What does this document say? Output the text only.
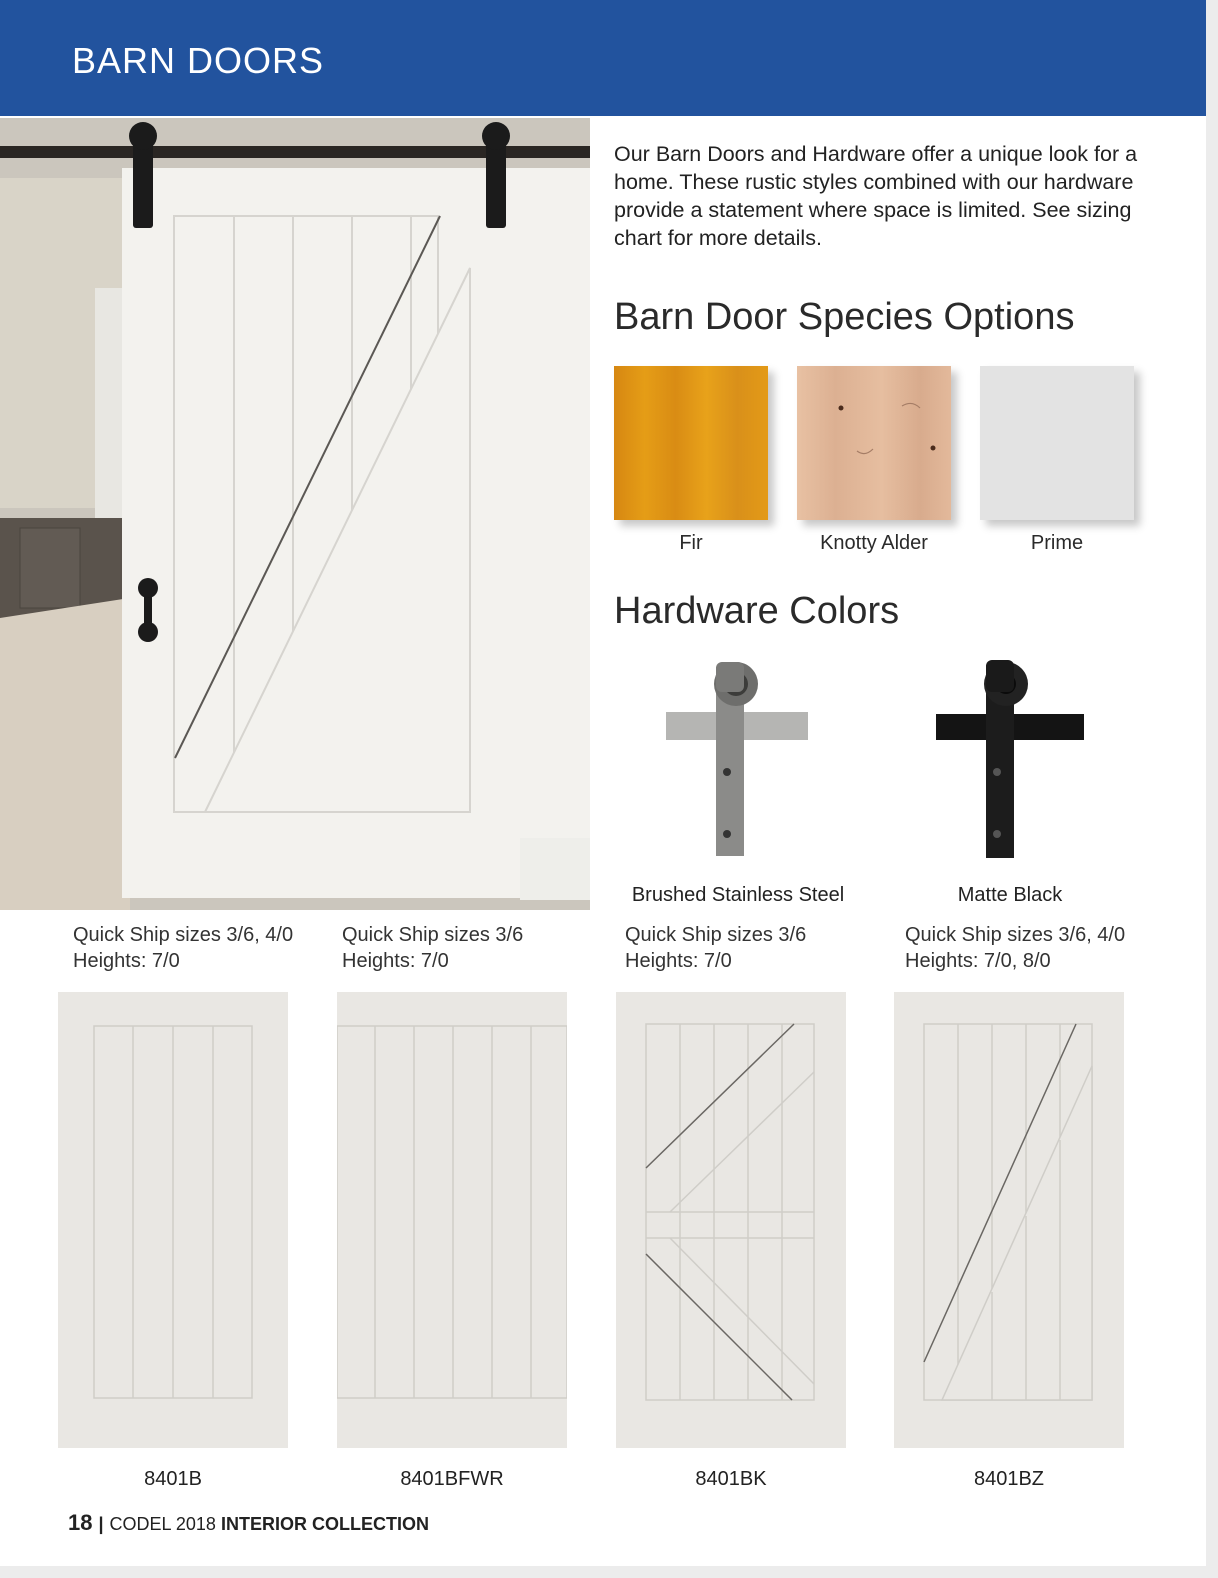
BARN DOORS
Our Barn Doors and Hardware offer a unique look for a home. These rustic styles combined with our hardware provide a statement where space is limited. See sizing chart for more details.
Barn Door Species Options
Fir	Knotty Alder	Prime
Hardware Colors
Brushed Stainless Steel	Matte Black
Quick Ship sizes 3/6, 4/0 Heights: 7/0
Quick Ship sizes 3/6 Heights: 7/0
Quick Ship sizes 3/6 Heights: 7/0
Quick Ship sizes 3/6, 4/0 Heights: 7/0, 8/0
8401B	8401BFWR	8401BK	8401BZ
18 | CODEL 2018 INTERIOR COLLECTION
